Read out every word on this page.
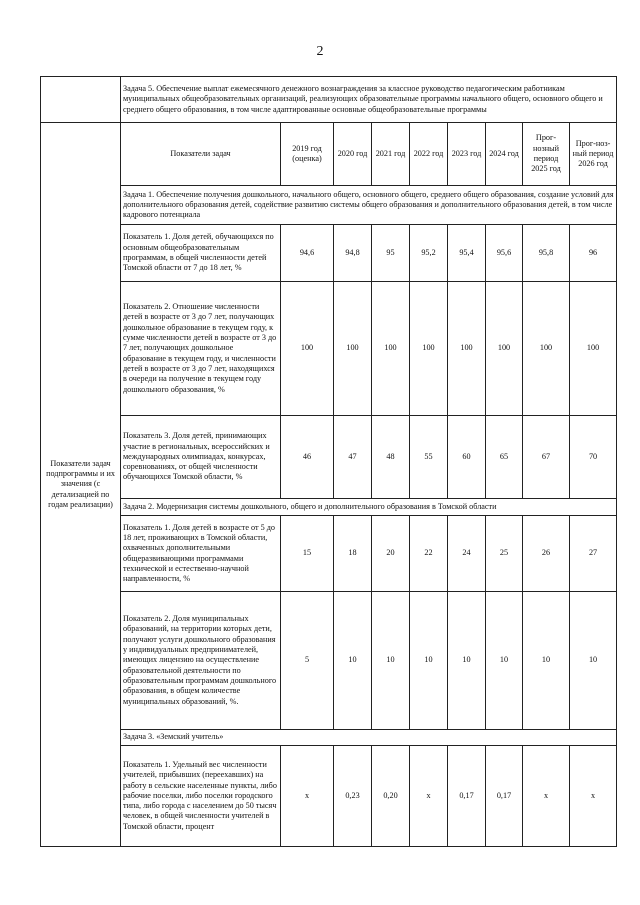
2
	Задача 5. Обеспечение выплат ежемесячного денежного вознаграждения за классное руководство педагогическим работникам муниципальных общеобразовательных организаций, реализующих образовательные программы начального общего, основного общего и среднего общего образования, в том числе адаптированные основные общеобразовательные программы								
Показатели задач подпрограммы и их значения (с детализацией по годам реализации)	Показатели задач	2019 год (оценка)	2020 год	2021 год	2022 год	2023 год	2024 год	Прог-нозный период 2025 год	Прог-ноз-ный период 2026 год
	Задача 1. Обеспечение получения дошкольного, начального общего, основного общего, среднего общего образования, создание условий для дополнительного образования детей, содействие развитию системы общего образования и дополнительного образования детей, в том числе кадрового потенциала								
	Показатель 1. Доля детей, обучающихся по основным общеобразовательным программам, в общей численности детей Томской области от 7 до 18 лет, %	94,6	94,8	95	95,2	95,4	95,6	95,8	96
	Показатель 2. Отношение численности детей в возрасте от 3 до 7 лет, получающих дошкольное образование в текущем году, к сумме численности детей в возрасте от 3 до 7 лет, получающих дошкольное образование в текущем году, и численности детей в возрасте от 3 до 7 лет, находящихся в очереди на получение в текущем году дошкольного образования, %	100	100	100	100	100	100	100	100
	Показатель 3. Доля детей, принимающих участие в региональных, всероссийских и международных олимпиадах, конкурсах, соревнованиях, от общей численности обучающихся Томской области, %	46	47	48	55	60	65	67	70
	Задача 2. Модернизация системы дошкольного, общего и дополнительного образования в Томской области								
	Показатель 1. Доля детей в возрасте от 5 до 18 лет, проживающих в Томской области, охваченных дополнительными общеразвивающими программами технической и естественно-научной направленности, %	15	18	20	22	24	25	26	27
	Показатель 2. Доля муниципальных образований, на территории которых дети, получают услуги дошкольного образования у индивидуальных предпринимателей, имеющих лицензию на осуществление образовательной деятельности по образовательным программам дошкольного образования, в общем количестве муниципальных образований, %.	5	10	10	10	10	10	10	10
	Задача 3. «Земский учитель»								
	Показатель 1. Удельный вес численности учителей, прибывших (переехавших) на работу в сельские населенные пункты, либо рабочие поселки, либо поселки городского типа, либо города с населением до 50 тысяч человек, в общей численности учителей в Томской области, процент	x	0,23	0,20	x	0,17	0,17	x	x
